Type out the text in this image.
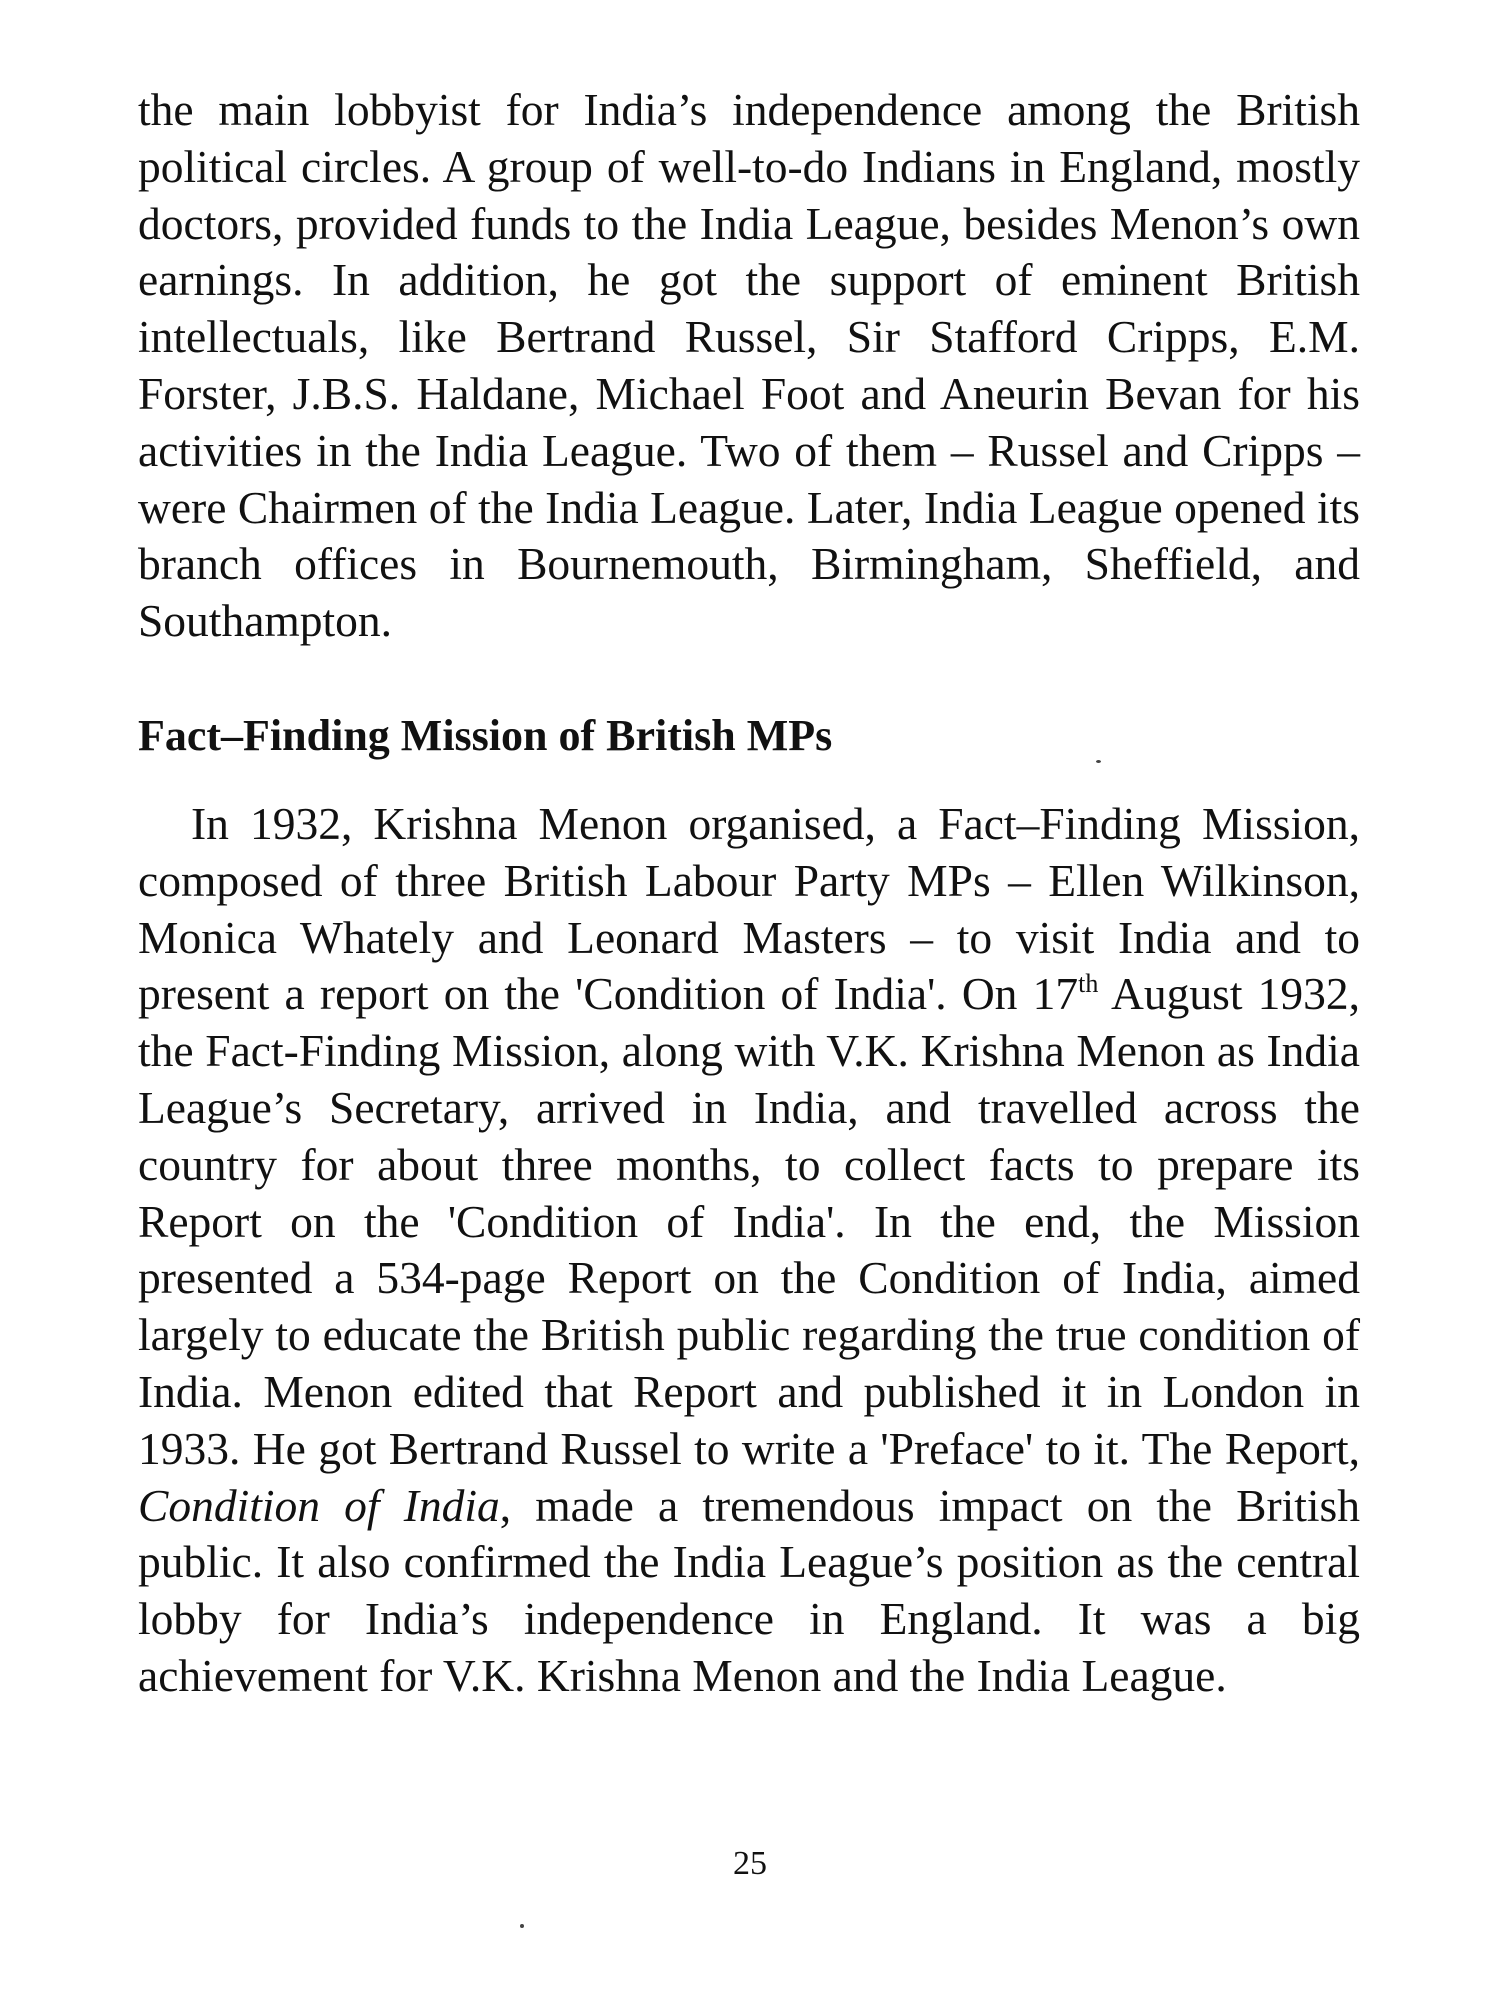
the main lobbyist for India’s independence among the British political circles. A group of well-to-do Indians in England, mostly doctors, provided funds to the India League, besides Menon’s own earnings. In addition, he got the support of eminent British intellectuals, like Bertrand Russel, Sir Stafford Cripps, E.M. Forster, J.B.S. Haldane, Michael Foot and Aneurin Bevan for his activities in the India League. Two of them – Russel and Cripps – were Chairmen of the India League. Later, India League opened its branch offices in Bournemouth, Birmingham, Sheffield, and Southampton.

Fact–Finding Mission of British MPs

In 1932, Krishna Menon organised, a Fact–Finding Mission, composed of three British Labour Party MPs – Ellen Wilkinson, Monica Whately and Leonard Masters – to visit India and to present a report on the 'Condition of India'. On 17th August 1932, the Fact-Finding Mission, along with V.K. Krishna Menon as India League’s Secretary, arrived in India, and travelled across the country for about three months, to collect facts to prepare its Report on the 'Condition of India'. In the end, the Mission presented a 534-page Report on the Condition of India, aimed largely to educate the British public regarding the true condition of India. Menon edited that Report and published it in London in 1933. He got Bertrand Russel to write a 'Preface' to it. The Report, Condition of India, made a tremendous impact on the British public. It also confirmed the India League’s position as the central lobby for India’s independence in England. It was a big achievement for V.K. Krishna Menon and the India League.

25
